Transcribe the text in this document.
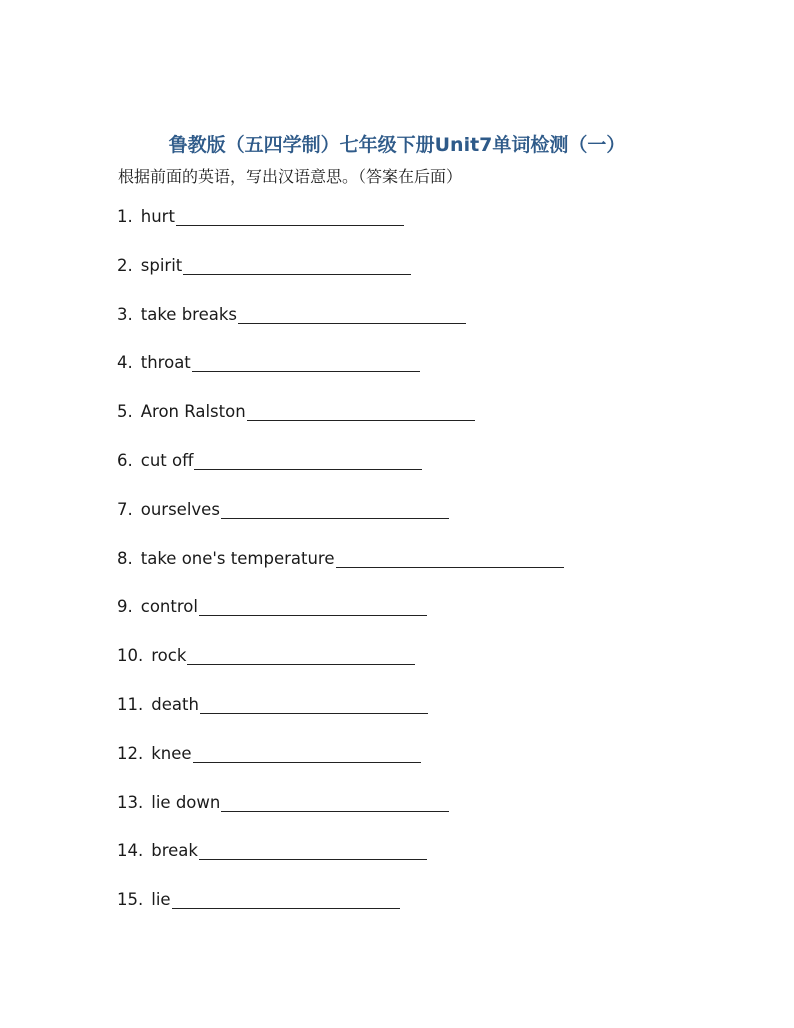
鲁教版（五四学制）七年级下册Unit7单词检测（一）
根据前面的英语，写出汉语意思。（答案在后面）
1. hurt
2. spirit
3. take breaks
4. throat
5. Aron Ralston
6. cut off
7. ourselves
8. take one's temperature
9. control
10. rock
11. death
12. knee
13. lie down
14. break
15. lie
